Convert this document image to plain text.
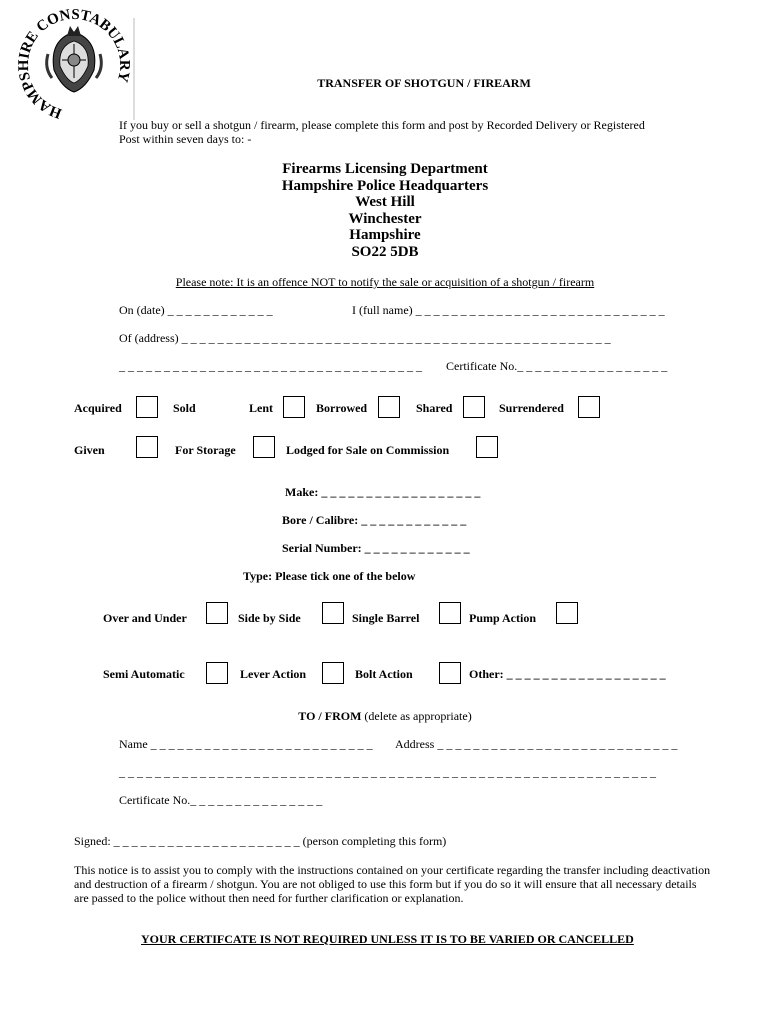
HAMPSHIRE CONSTABULARY	TRANSFER OF SHOTGUN / FIREARM
If you buy or sell a shotgun / firearm, please complete this form and post by Recorded Delivery or Registered Post within seven days to: -
Firearms Licensing Department
Hampshire Police Headquarters
West Hill
Winchester
Hampshire
SO22 5DB
Please note: It is an offence NOT to notify the sale or acquisition of a shotgun / firearm
On (date) _ _ _ _ _ _ _ _ _ _ _ _	I (full name) _ _ _ _ _ _ _ _ _ _ _ _ _ _ _ _ _ _ _ _ _ _ _ _ _ _ _ _
Of (address) _ _ _ _ _ _ _ _ _ _ _ _ _ _ _ _ _ _ _ _ _ _ _ _ _ _ _ _ _ _ _ _ _ _ _ _ _ _ _ _ _ _ _ _ _ _ _ _
_ _ _ _ _ _ _ _ _ _ _ _ _ _ _ _ _ _ _ _ _ _ _ _ _ _ _ _ _ _ _ _ _ _ Certificate No._ _ _ _ _ _ _ _ _ _ _ _ _ _ _ _ _
Acquired	Sold	Lent	Borrowed	Shared	Surrendered
Given	For Storage	Lodged for Sale on Commission
Make: _ _ _ _ _ _ _ _ _ _ _ _ _ _ _ _ _ _
Bore / Calibre: _ _ _ _ _ _ _ _ _ _ _ _
Serial Number: _ _ _ _ _ _ _ _ _ _ _ _
Type: Please tick one of the below
Over and Under	Side by Side	Single Barrel	Pump Action
Semi Automatic	Lever Action	Bolt Action	Other: _ _ _ _ _ _ _ _ _ _ _ _ _ _ _ _ _ _
TO / FROM (delete as appropriate)
Name _ _ _ _ _ _ _ _ _ _ _ _ _ _ _ _ _ _ _ _ _ _ _ _ _ Address _ _ _ _ _ _ _ _ _ _ _ _ _ _ _ _ _ _ _ _ _ _ _ _ _ _ _
_ _ _ _ _ _ _ _ _ _ _ _ _ _ _ _ _ _ _ _ _ _ _ _ _ _ _ _ _ _ _ _ _ _ _ _ _ _ _ _ _ _ _ _ _ _ _ _ _ _ _ _ _ _ _ _ _ _ _ _
Certificate No._ _ _ _ _ _ _ _ _ _ _ _ _ _ _
Signed: _ _ _ _ _ _ _ _ _ _ _ _ _ _ _ _ _ _ _ _ _ (person completing this form)
This notice is to assist you to comply with the instructions contained on your certificate regarding the transfer including deactivation and destruction of a firearm / shotgun. You are not obliged to use this form but if you do so it will ensure that all necessary details are passed to the police without then need for further clarification or explanation.
YOUR CERTIFCATE IS NOT REQUIRED UNLESS IT IS TO BE VARIED OR CANCELLED
